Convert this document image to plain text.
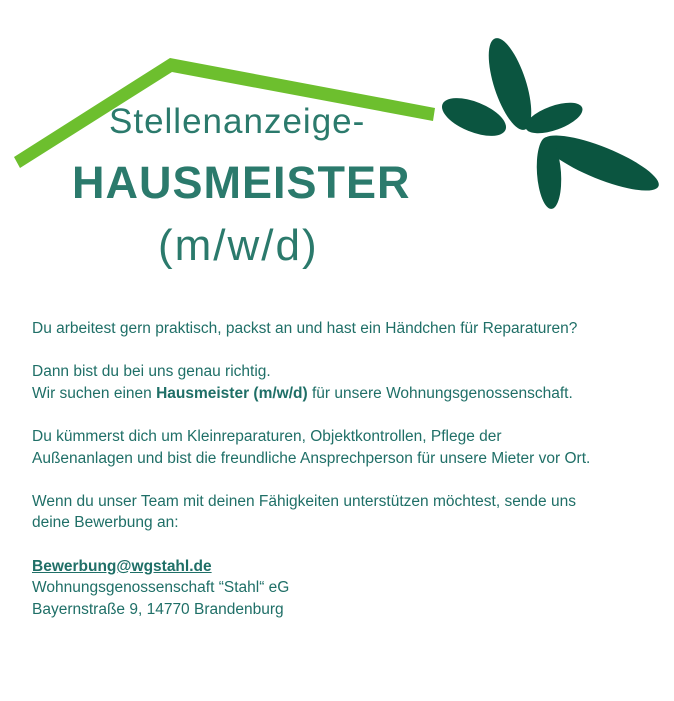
Stellenanzeige-
HAUSMEISTER
(m/w/d)

Du arbeitest gern praktisch, packst an und hast ein Händchen für Reparaturen?

Dann bist du bei uns genau richtig.
Wir suchen einen Hausmeister (m/w/d) für unsere Wohnungsgenossenschaft.

Du kümmerst dich um Kleinreparaturen, Objektkontrollen, Pflege der Außenanlagen und bist die freundliche Ansprechperson für unsere Mieter vor Ort.

Wenn du unser Team mit deinen Fähigkeiten unterstützen möchtest, sende uns deine Bewerbung an:

Bewerbung@wgstahl.de
Wohnungsgenossenschaft “Stahl“ eG
Bayernstraße 9, 14770 Brandenburg
